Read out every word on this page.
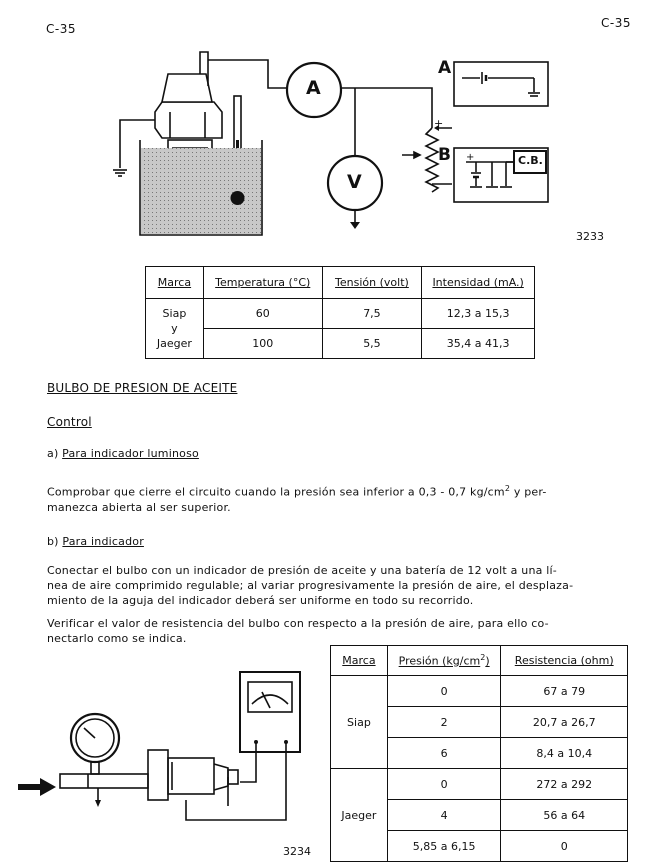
C-35	C-35
A
V
A
B	C.B.
+
+
3233
Marca	Temperatura (°C)	Tensión (volt)	Intensidad (mA.)

Siap
y
Jaeger	60	7,5	12,3 a 15,3
	100	5,5	35,4 a 41,3
BULBO DE PRESION DE ACEITE
Control
a) Para indicador luminoso
Comprobar que cierre el circuito cuando la presión sea inferior a 0,3 - 0,7 $kg/cm^2$ y per-
manezca abierta al ser superior.
b) Para indicador
Conectar el bulbo con un indicador de presión de aceite y una batería de 12 volt a una lí-
nea de aire comprimido regulable; al variar progresivamente la presión de aire, el desplaza-
miento de la aguja del indicador deberá ser uniforme en todo su recorrido.
Verificar el valor de resistencia del bulbo con respecto a la presión de aire, para ello co-
nectarlo como se indica.
3234
Marca	Presión $(kg/cm^2)$	Resistencia (ohm)
Siap	0	67 a 79
	2	20,7 a 26,7
	6	8,4 a 10,4
Jaeger	0	272 a 292
	4	56 a 64
	5,85 a 6,15	0
